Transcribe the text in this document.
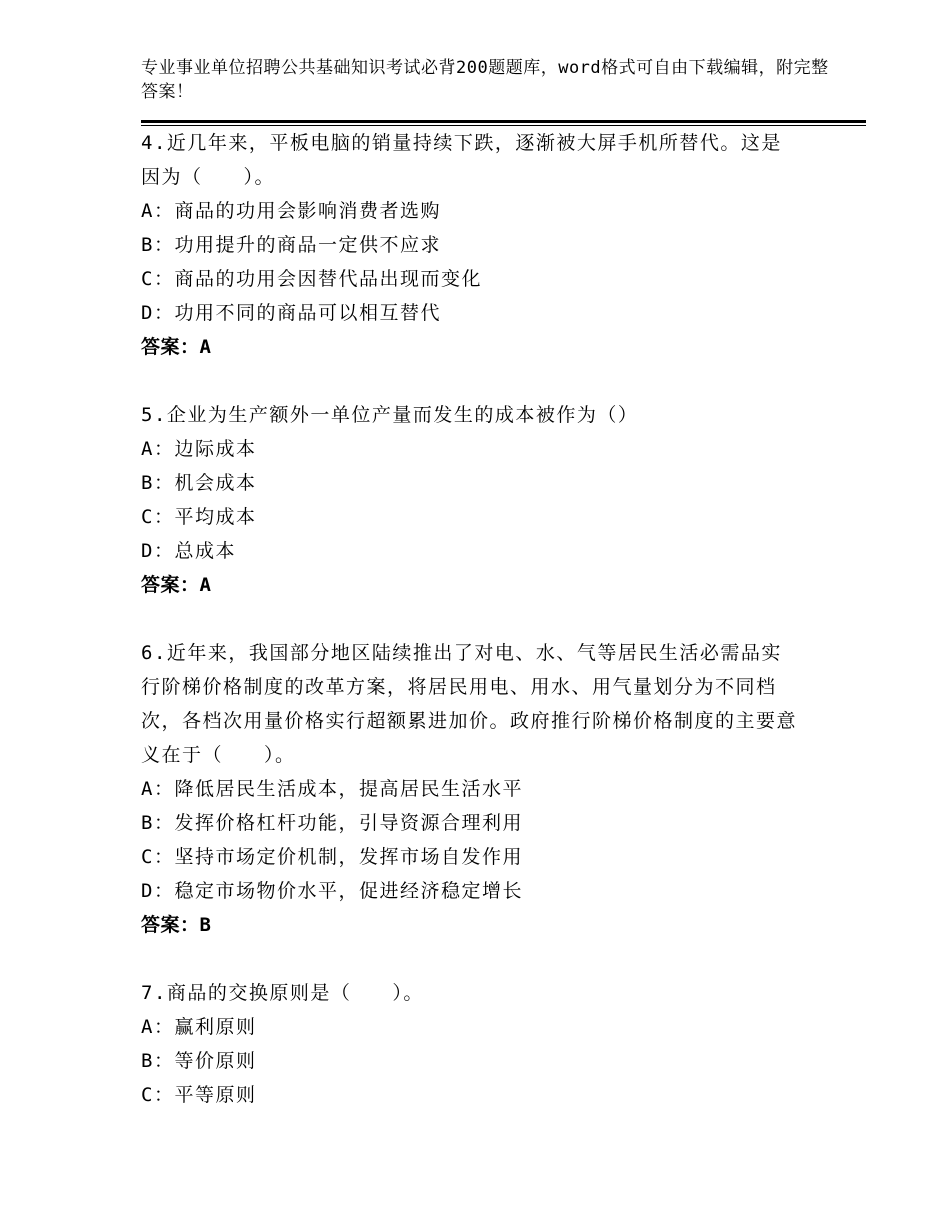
专业事业单位招聘公共基础知识考试必背200题题库，word格式可自由下载编辑，附完整答案！

4.近几年来，平板电脑的销量持续下跌，逐渐被大屏手机所替代。这是因为（　　）。

A：商品的功用会影响消费者选购

B：功用提升的商品一定供不应求

C：商品的功用会因替代品出现而变化

D：功用不同的商品可以相互替代

答案：A

5.企业为生产额外一单位产量而发生的成本被作为（）

A：边际成本

B：机会成本

C：平均成本

D：总成本

答案：A

6.近年来，我国部分地区陆续推出了对电、水、气等居民生活必需品实行阶梯价格制度的改革方案，将居民用电、用水、用气量划分为不同档次，各档次用量价格实行超额累进加价。政府推行阶梯价格制度的主要意义在于（　　）。

A：降低居民生活成本，提高居民生活水平

B：发挥价格杠杆功能，引导资源合理利用

C：坚持市场定价机制，发挥市场自发作用

D：稳定市场物价水平，促进经济稳定增长

答案：B

7.商品的交换原则是（　　）。

A：赢利原则

B：等价原则

C：平等原则
